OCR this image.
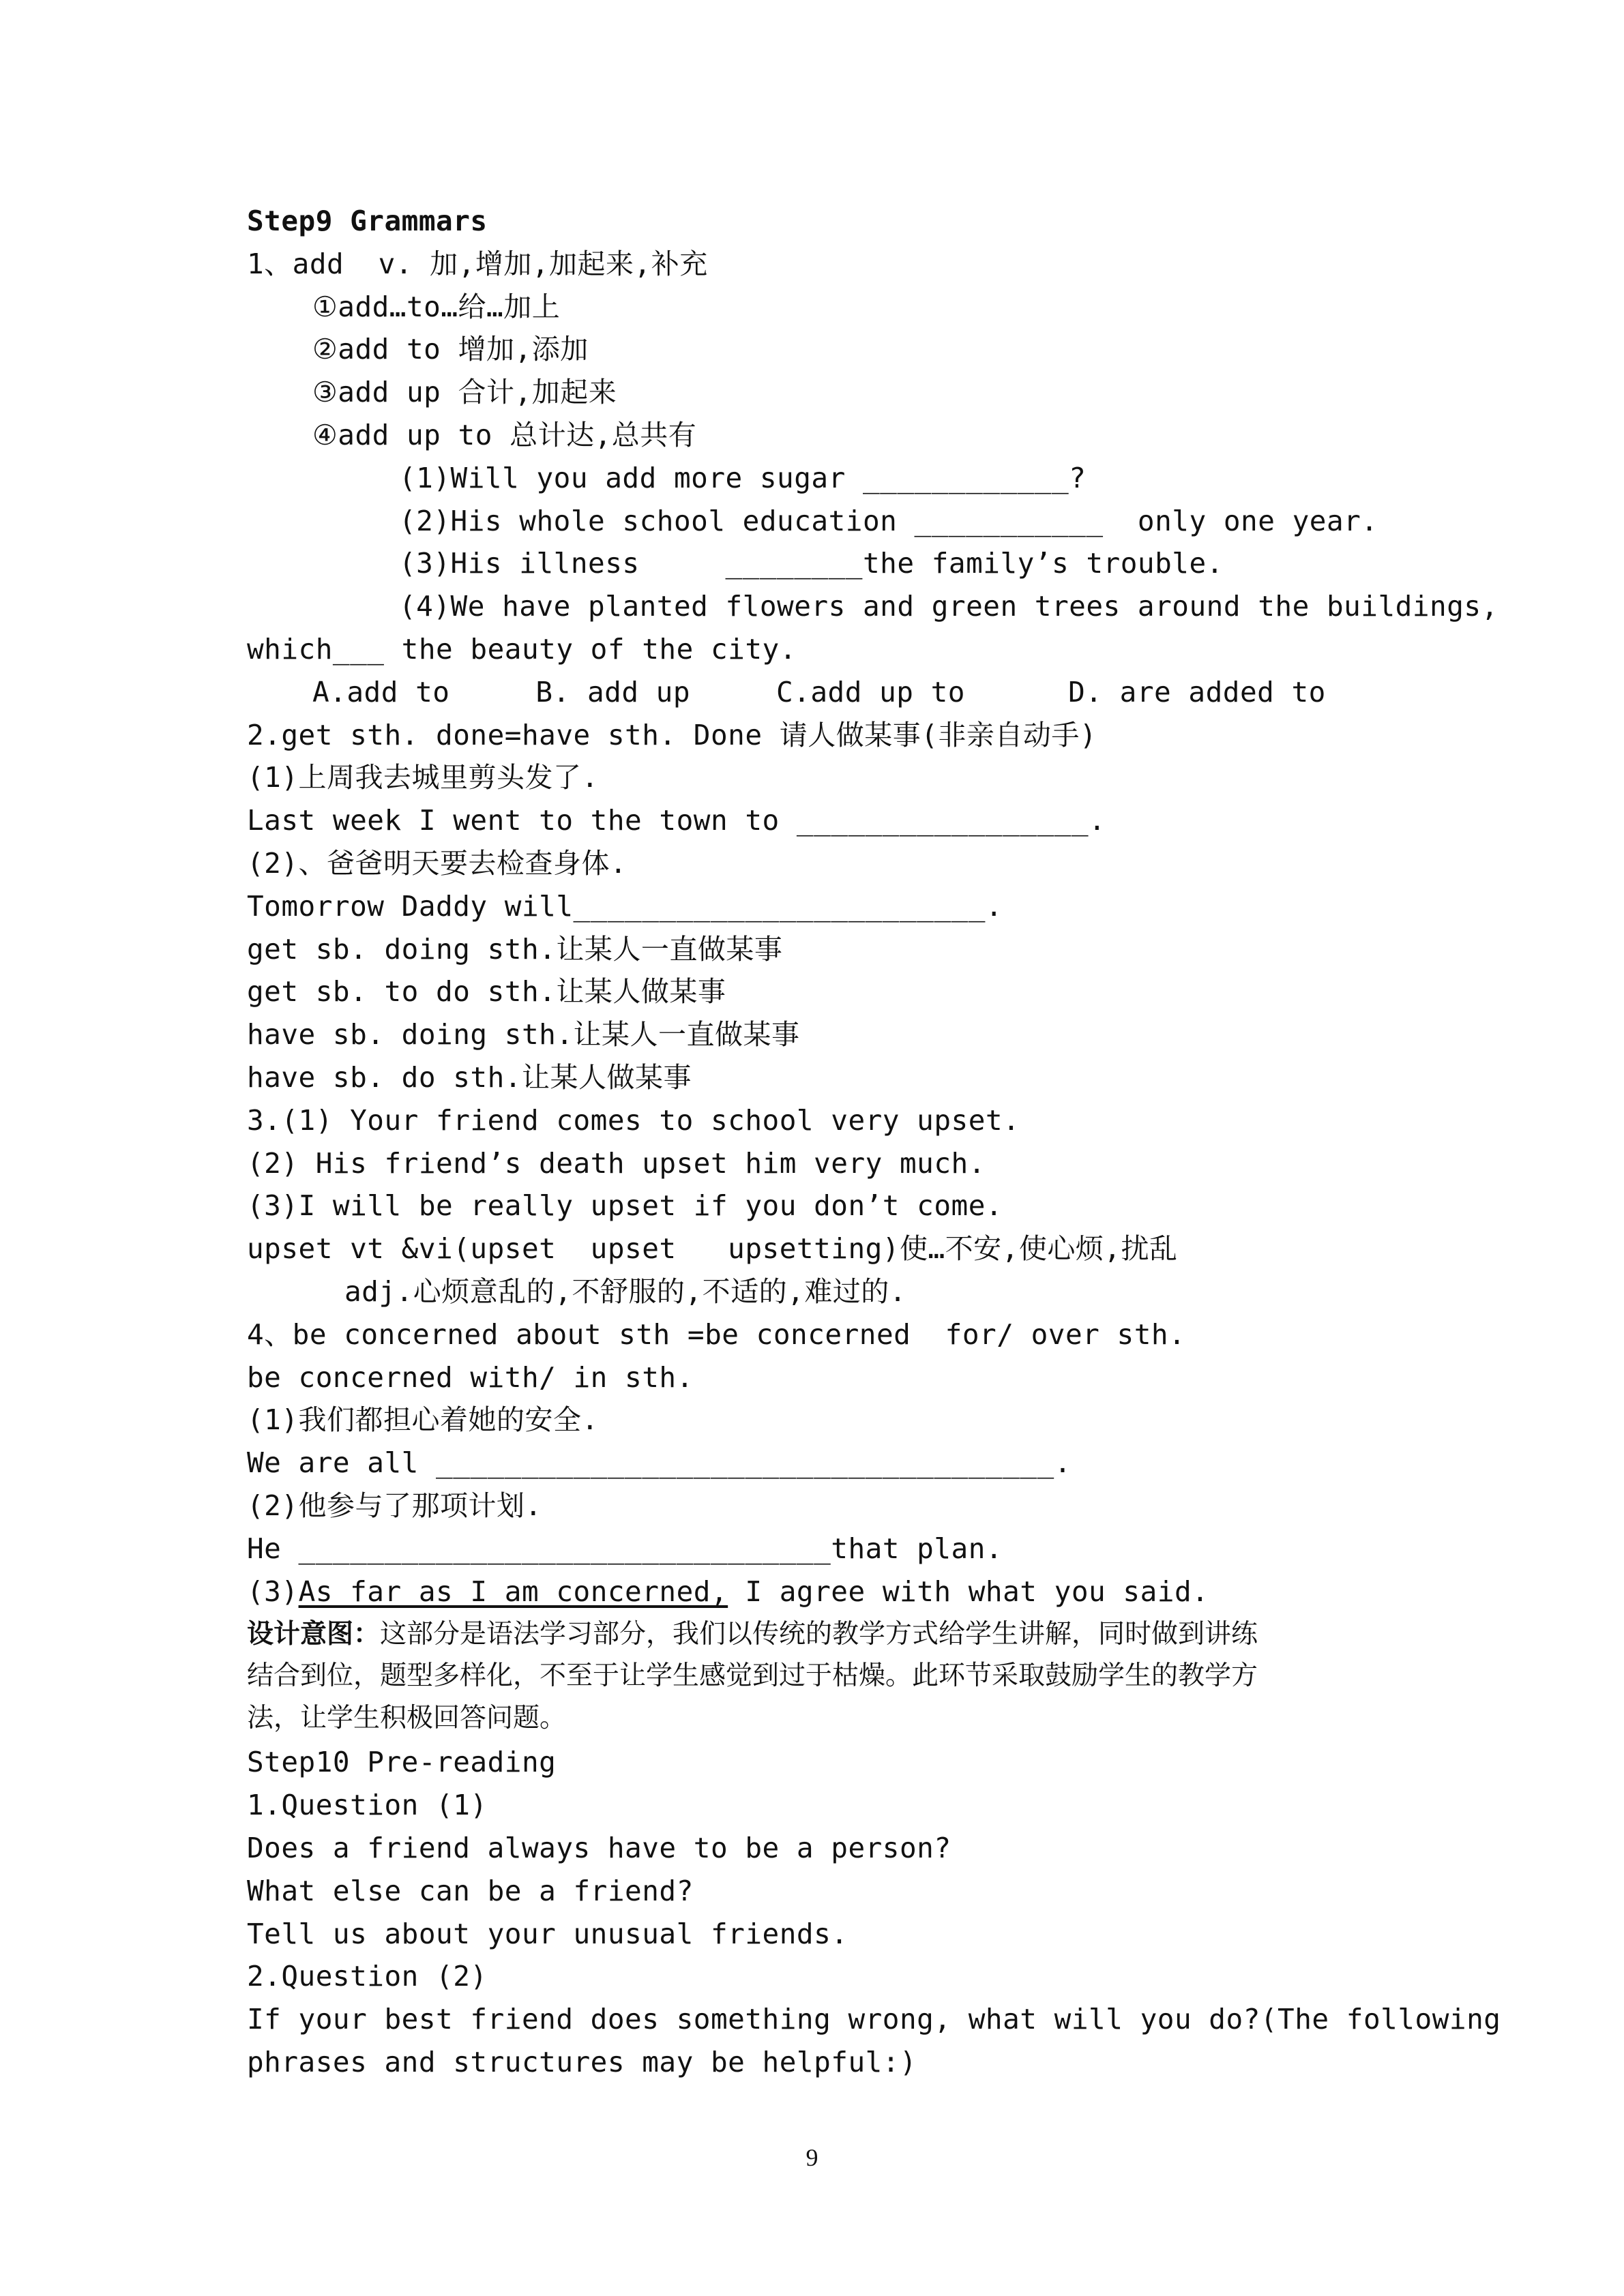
Step9 Grammars
1、add  v. 加,增加,加起来,补充
①add…to…给…加上
②add to 增加,添加
③add up 合计,加起来
④add up to 总计达,总共有
(1)Will you add more sugar ____________?
(2)His whole school education ___________  only one year.
(3)His illness     ________the family’s trouble.
(4)We have planted flowers and green trees around the buildings,
which___ the beauty of the city.
A.add to     B. add up     C.add up to      D. are added to
2.get sth. done=have sth. Done 请人做某事(非亲自动手)
(1)上周我去城里剪头发了.
Last week I went to the town to _________________.
(2)、爸爸明天要去检查身体.
Tomorrow Daddy will________________________.
get sb. doing sth.让某人一直做某事
get sb. to do sth.让某人做某事
have sb. doing sth.让某人一直做某事
have sb. do sth.让某人做某事
3.(1) Your friend comes to school very upset.
(2) His friend’s death upset him very much.
(3)I will be really upset if you don’t come.
upset vt &vi(upset  upset   upsetting)使…不安,使心烦,扰乱
adj.心烦意乱的,不舒服的,不适的,难过的.
4、be concerned about sth =be concerned  for/ over sth.
be concerned with/ in sth.
(1)我们都担心着她的安全.
We are all ____________________________________.
(2)他参与了那项计划.
He _______________________________that plan.
(3)As far as I am concerned, I agree with what you said.
设计意图：这部分是语法学习部分，我们以传统的教学方式给学生讲解，同时做到讲练
结合到位，题型多样化，不至于让学生感觉到过于枯燥。此环节采取鼓励学生的教学方
法，让学生积极回答问题。
Step10 Pre-reading
1.Question (1)
Does a friend always have to be a person?
What else can be a friend?
Tell us about your unusual friends.
2.Question (2)
If your best friend does something wrong, what will you do?(The following
phrases and structures may be helpful:)
9
